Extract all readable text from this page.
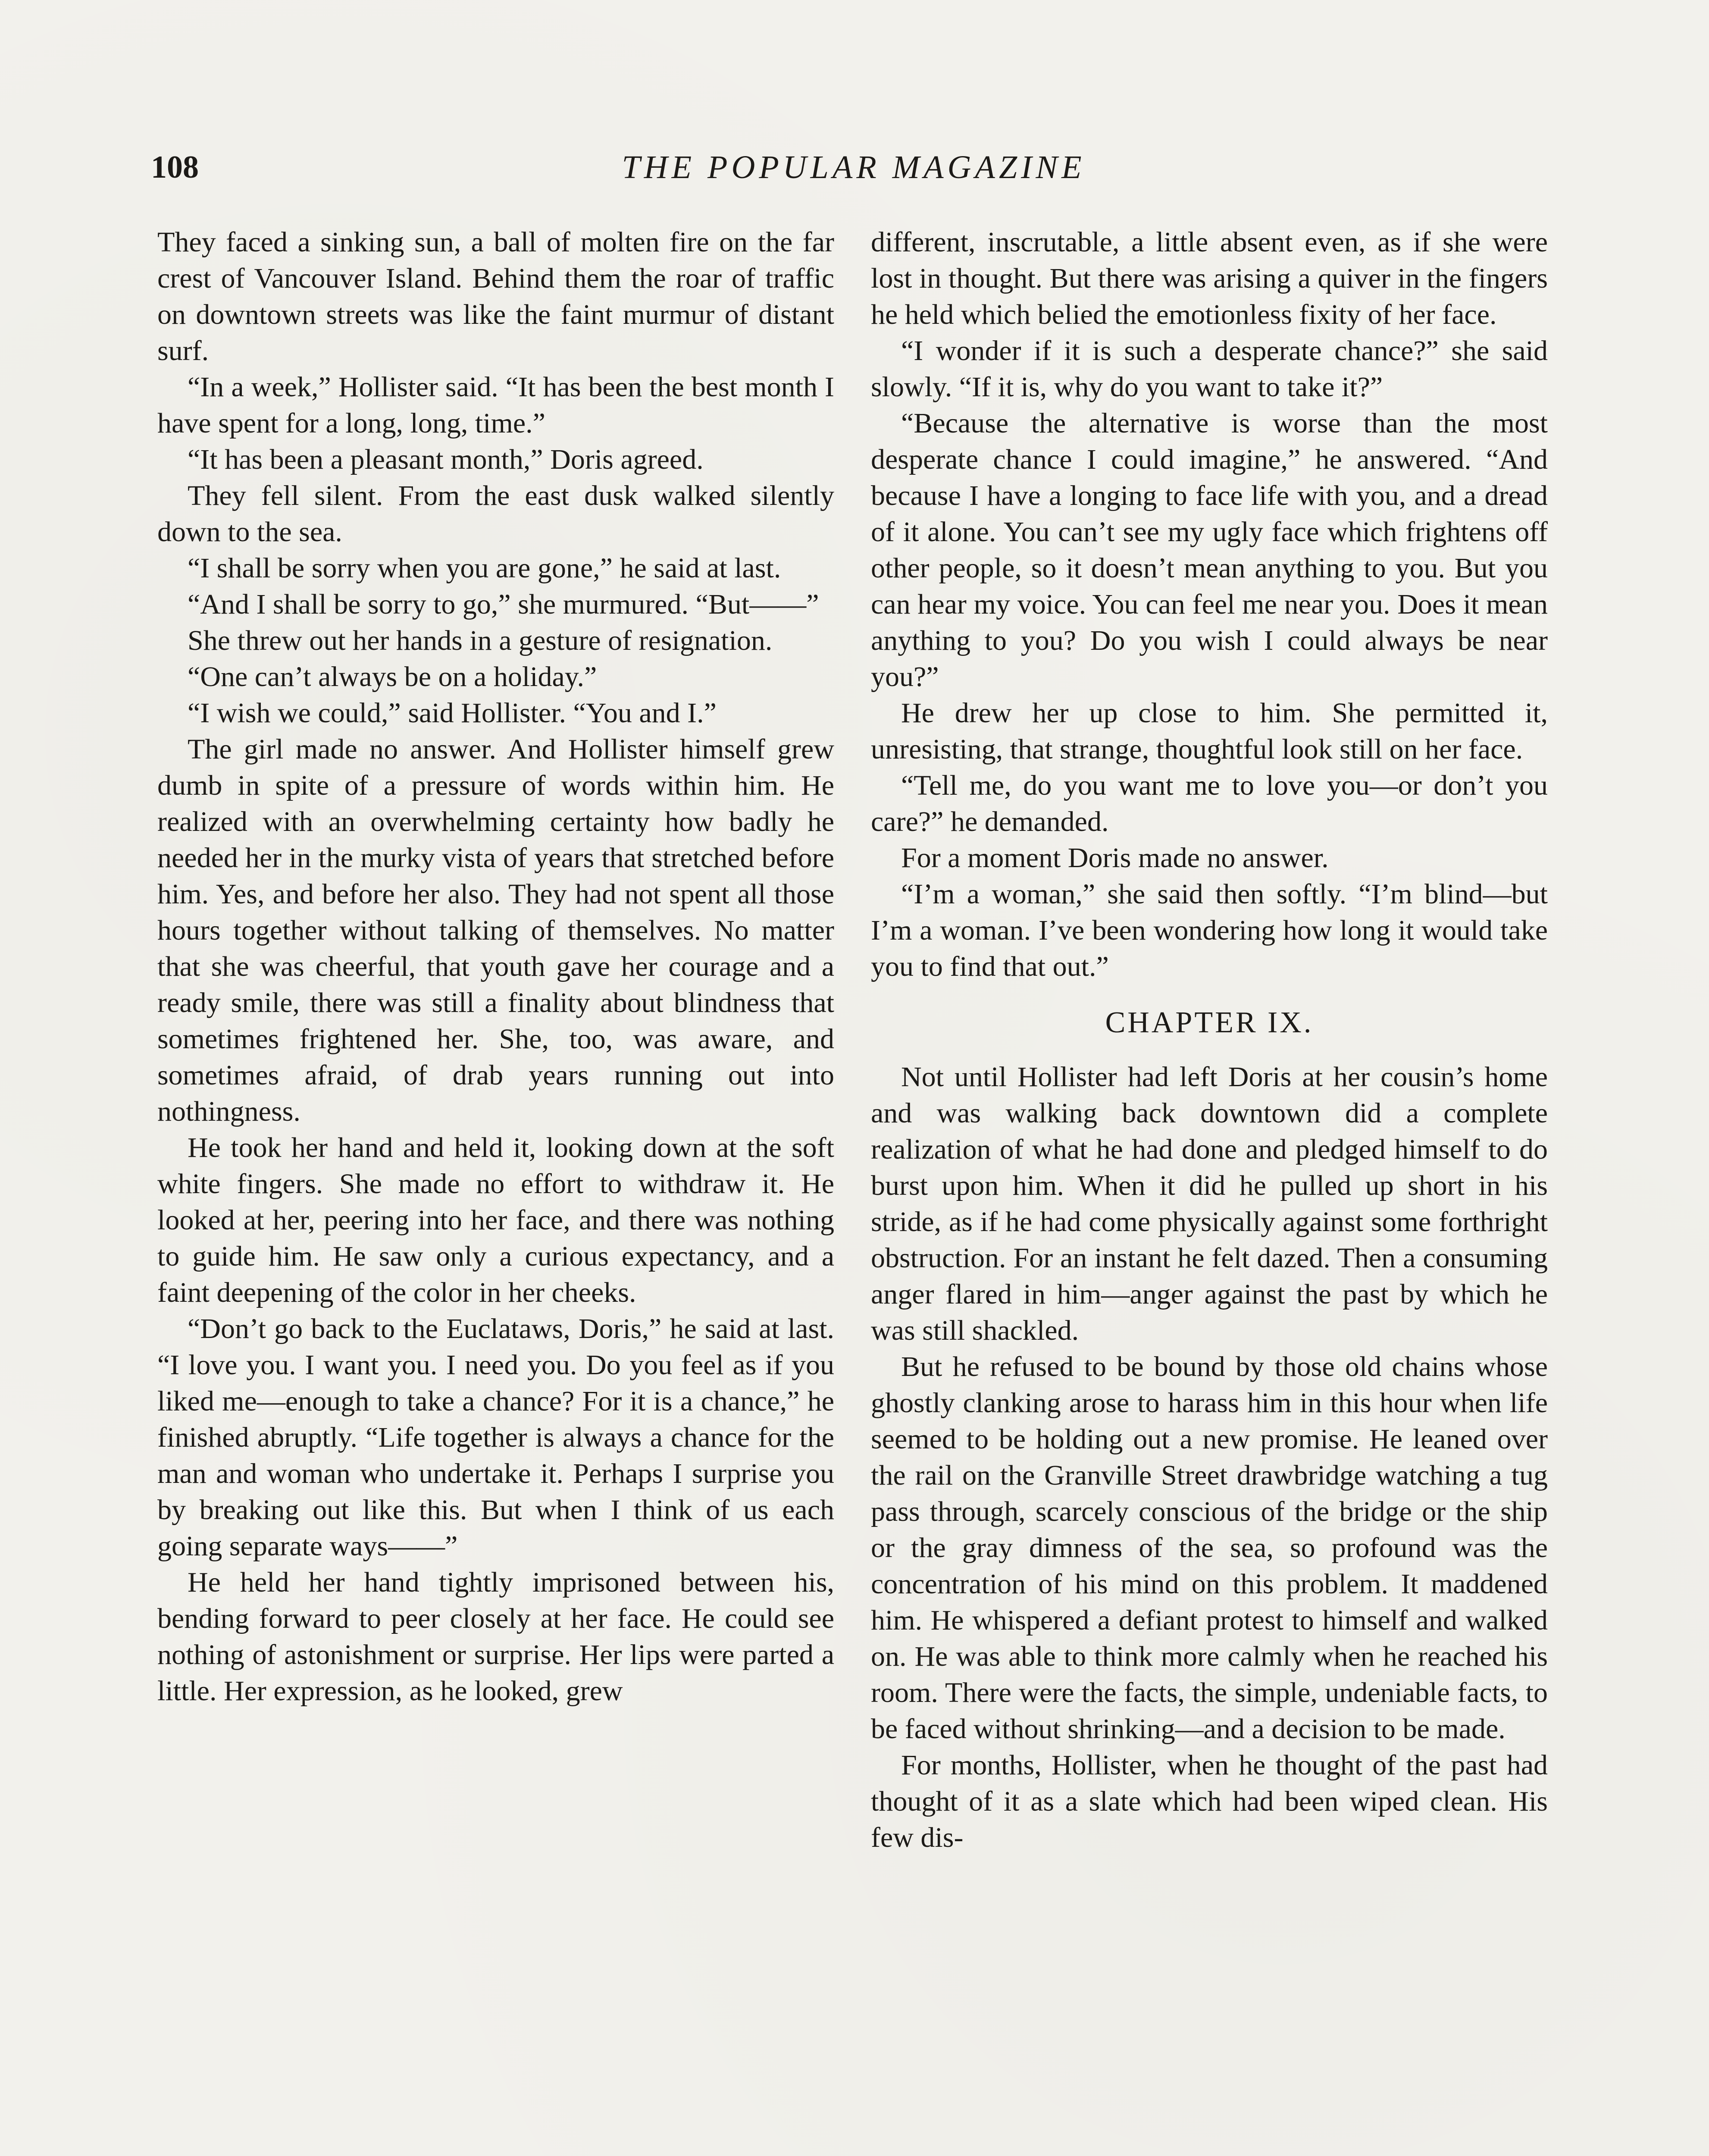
108	THE POPULAR MAGAZINE

They faced a sinking sun, a ball of molten fire on the far crest of Vancouver Island. Behind them the roar of traffic on downtown streets was like the faint murmur of distant surf.

“In a week,” Hollister said. “It has been the best month I have spent for a long, long, time.”

“It has been a pleasant month,” Doris agreed.

They fell silent. From the east dusk walked silently down to the sea.

“I shall be sorry when you are gone,” he said at last.

“And I shall be sorry to go,” she murmured. “But——”

She threw out her hands in a gesture of resignation.

“One can’t always be on a holiday.”

“I wish we could,” said Hollister. “You and I.”

The girl made no answer. And Hollister himself grew dumb in spite of a pressure of words within him. He realized with an overwhelming certainty how badly he needed her in the murky vista of years that stretched before him. Yes, and before her also. They had not spent all those hours together without talking of themselves. No matter that she was cheerful, that youth gave her courage and a ready smile, there was still a finality about blindness that sometimes frightened her. She, too, was aware, and sometimes afraid, of drab years running out into nothingness.

He took her hand and held it, looking down at the soft white fingers. She made no effort to withdraw it. He looked at her, peering into her face, and there was nothing to guide him. He saw only a curious expectancy, and a faint deepening of the color in her cheeks.

“Don’t go back to the Euclataws, Doris,” he said at last. “I love you. I want you. I need you. Do you feel as if you liked me—enough to take a chance? For it is a chance,” he finished abruptly. “Life together is always a chance for the man and woman who undertake it. Perhaps I surprise you by breaking out like this. But when I think of us each going separate ways——”

He held her hand tightly imprisoned between his, bending forward to peer closely at her face. He could see nothing of astonishment or surprise. Her lips were parted a little. Her expression, as he looked, grew

different, inscrutable, a little absent even, as if she were lost in thought. But there was arising a quiver in the fingers he held which belied the emotionless fixity of her face.

“I wonder if it is such a desperate chance?” she said slowly. “If it is, why do you want to take it?”

“Because the alternative is worse than the most desperate chance I could imagine,” he answered. “And because I have a longing to face life with you, and a dread of it alone. You can’t see my ugly face which frightens off other people, so it doesn’t mean anything to you. But you can hear my voice. You can feel me near you. Does it mean anything to you? Do you wish I could always be near you?”

He drew her up close to him. She permitted it, unresisting, that strange, thoughtful look still on her face.

“Tell me, do you want me to love you—or don’t you care?” he demanded.

For a moment Doris made no answer.

“I’m a woman,” she said then softly. “I’m blind—but I’m a woman. I’ve been wondering how long it would take you to find that out.”

CHAPTER IX.

Not until Hollister had left Doris at her cousin’s home and was walking back downtown did a complete realization of what he had done and pledged himself to do burst upon him. When it did he pulled up short in his stride, as if he had come physically against some forthright obstruction. For an instant he felt dazed. Then a consuming anger flared in him—anger against the past by which he was still shackled.

But he refused to be bound by those old chains whose ghostly clanking arose to harass him in this hour when life seemed to be holding out a new promise. He leaned over the rail on the Granville Street drawbridge watching a tug pass through, scarcely conscious of the bridge or the ship or the gray dimness of the sea, so profound was the concentration of his mind on this problem. It maddened him. He whispered a defiant protest to himself and walked on. He was able to think more calmly when he reached his room. There were the facts, the simple, undeniable facts, to be faced without shrinking—and a decision to be made.

For months, Hollister, when he thought of the past had thought of it as a slate which had been wiped clean. His few dis-
